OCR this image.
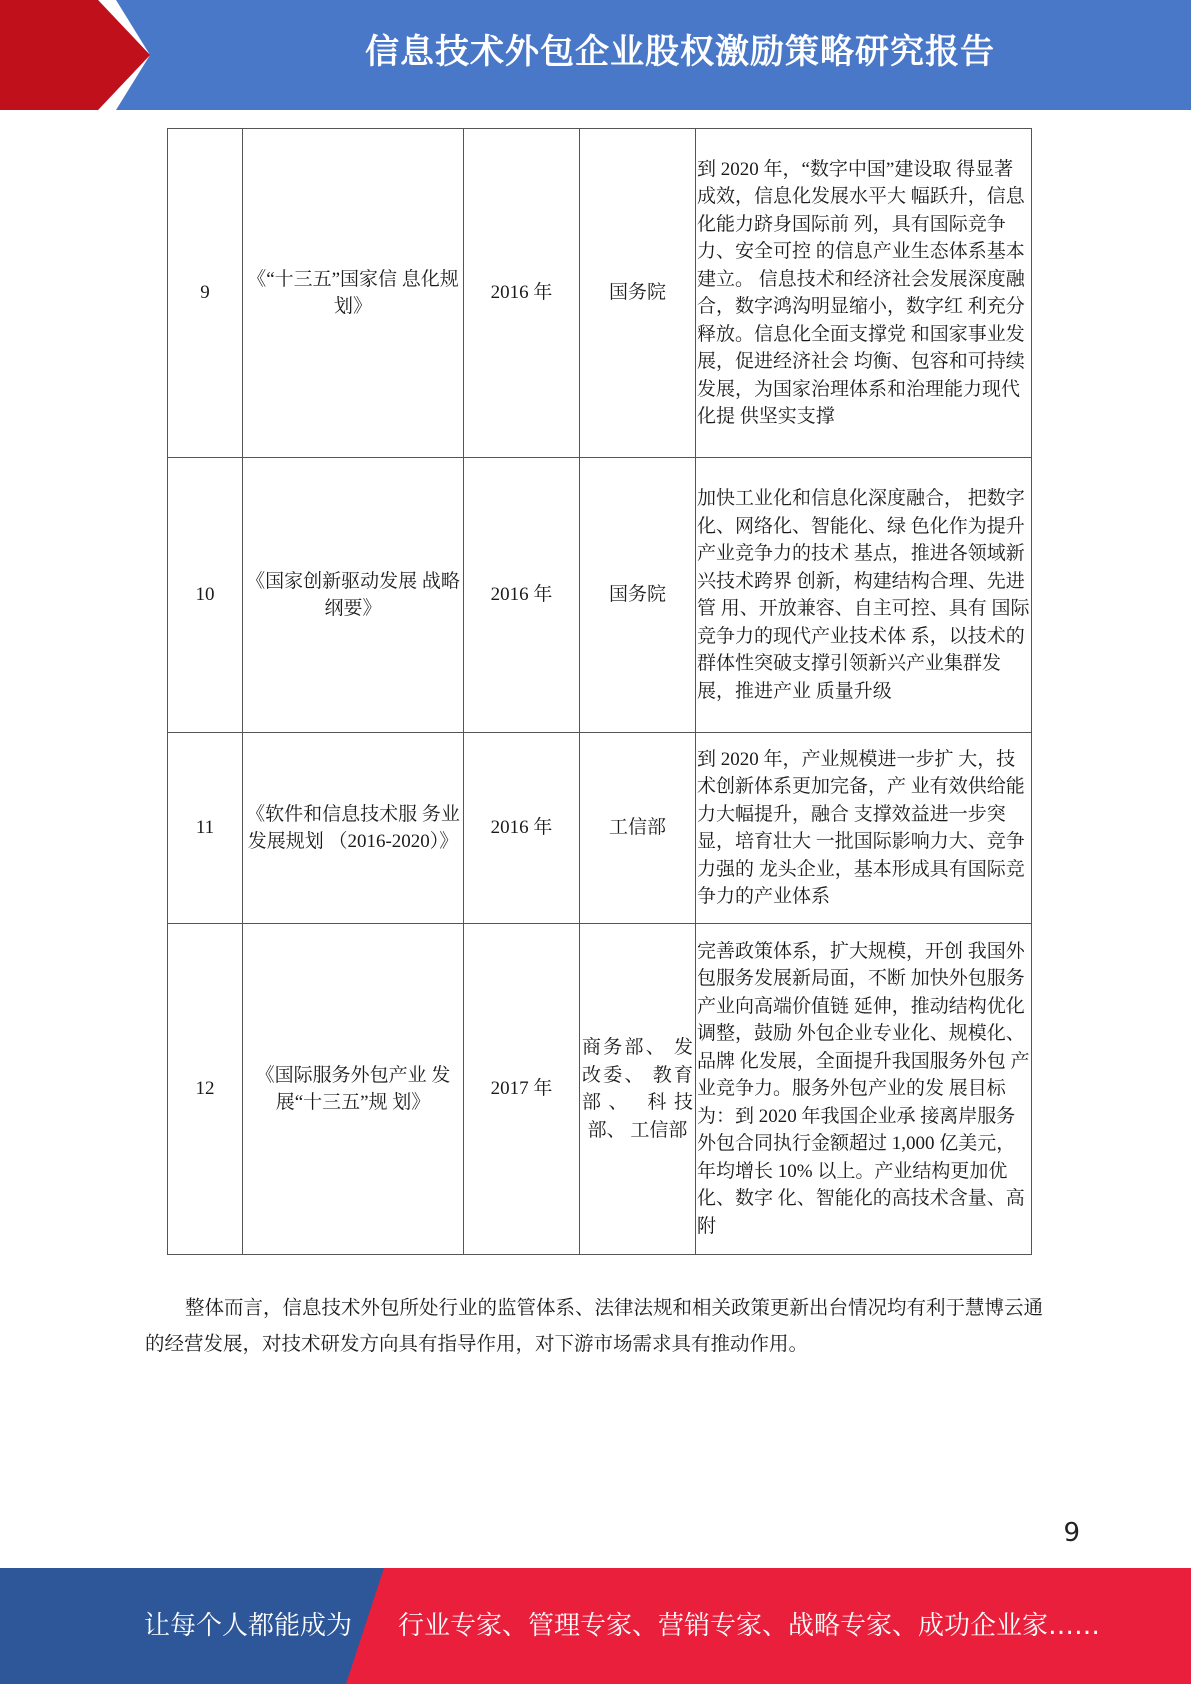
信息技术外包企业股权激励策略研究报告
9	《“十三五”国家信 息化规划》	2016 年	国务院	到 2020 年，“数字中国”建设取 得显著成效，信息化发展水平大 幅跃升，信息化能力跻身国际前 列，具有国际竞争力、安全可控 的信息产业生态体系基本建立。 信息技术和经济社会发展深度融 合，数字鸿沟明显缩小，数字红 利充分释放。信息化全面支撑党 和国家事业发展，促进经济社会 均衡、包容和可持续发展，为国家治理体系和治理能力现代化提 供坚实支撑
10	《国家创新驱动发展 战略纲要》	2016 年	国务院	加快工业化和信息化深度融合， 把数字化、网络化、智能化、绿 色化作为提升产业竞争力的技术 基点，推进各领域新兴技术跨界 创新，构建结构合理、先进管 用、开放兼容、自主可控、具有 国际竞争力的现代产业技术体 系，以技术的群体性突破支撑引领新兴产业集群发展，推进产业 质量升级
11	《软件和信息技术服 务业发展规划 （2016-2020）》	2016 年	工信部	到 2020 年，产业规模进一步扩 大，技术创新体系更加完备，产 业有效供给能力大幅提升，融合 支撑效益进一步突显，培育壮大 一批国际影响力大、竞争力强的 龙头企业，基本形成具有国际竞 争力的产业体系
12	《国际服务外包产业 发展“十三五”规 划》	2017 年	商务部、 发改委、 教育部、 科技部、 工信部	完善政策体系，扩大规模，开创 我国外包服务发展新局面，不断 加快外包服务产业向高端价值链 延伸，推动结构优化调整，鼓励 外包企业专业化、规模化、品牌 化发展，全面提升我国服务外包 产业竞争力。服务外包产业的发 展目标为：到 2020 年我国企业承 接离岸服务外包合同执行金额超过 1,000 亿美元，年均增长 10% 以上。产业结构更加优化、数字 化、智能化的高技术含量、高附

整体而言，信息技术外包所处行业的监管体系、法律法规和相关政策更新出台情况均有利于慧博云通的经营发展，对技术研发方向具有指导作用，对下游市场需求具有推动作用。

9
让每个人都能成为 行业专家、管理专家、营销专家、战略专家、成功企业家……
